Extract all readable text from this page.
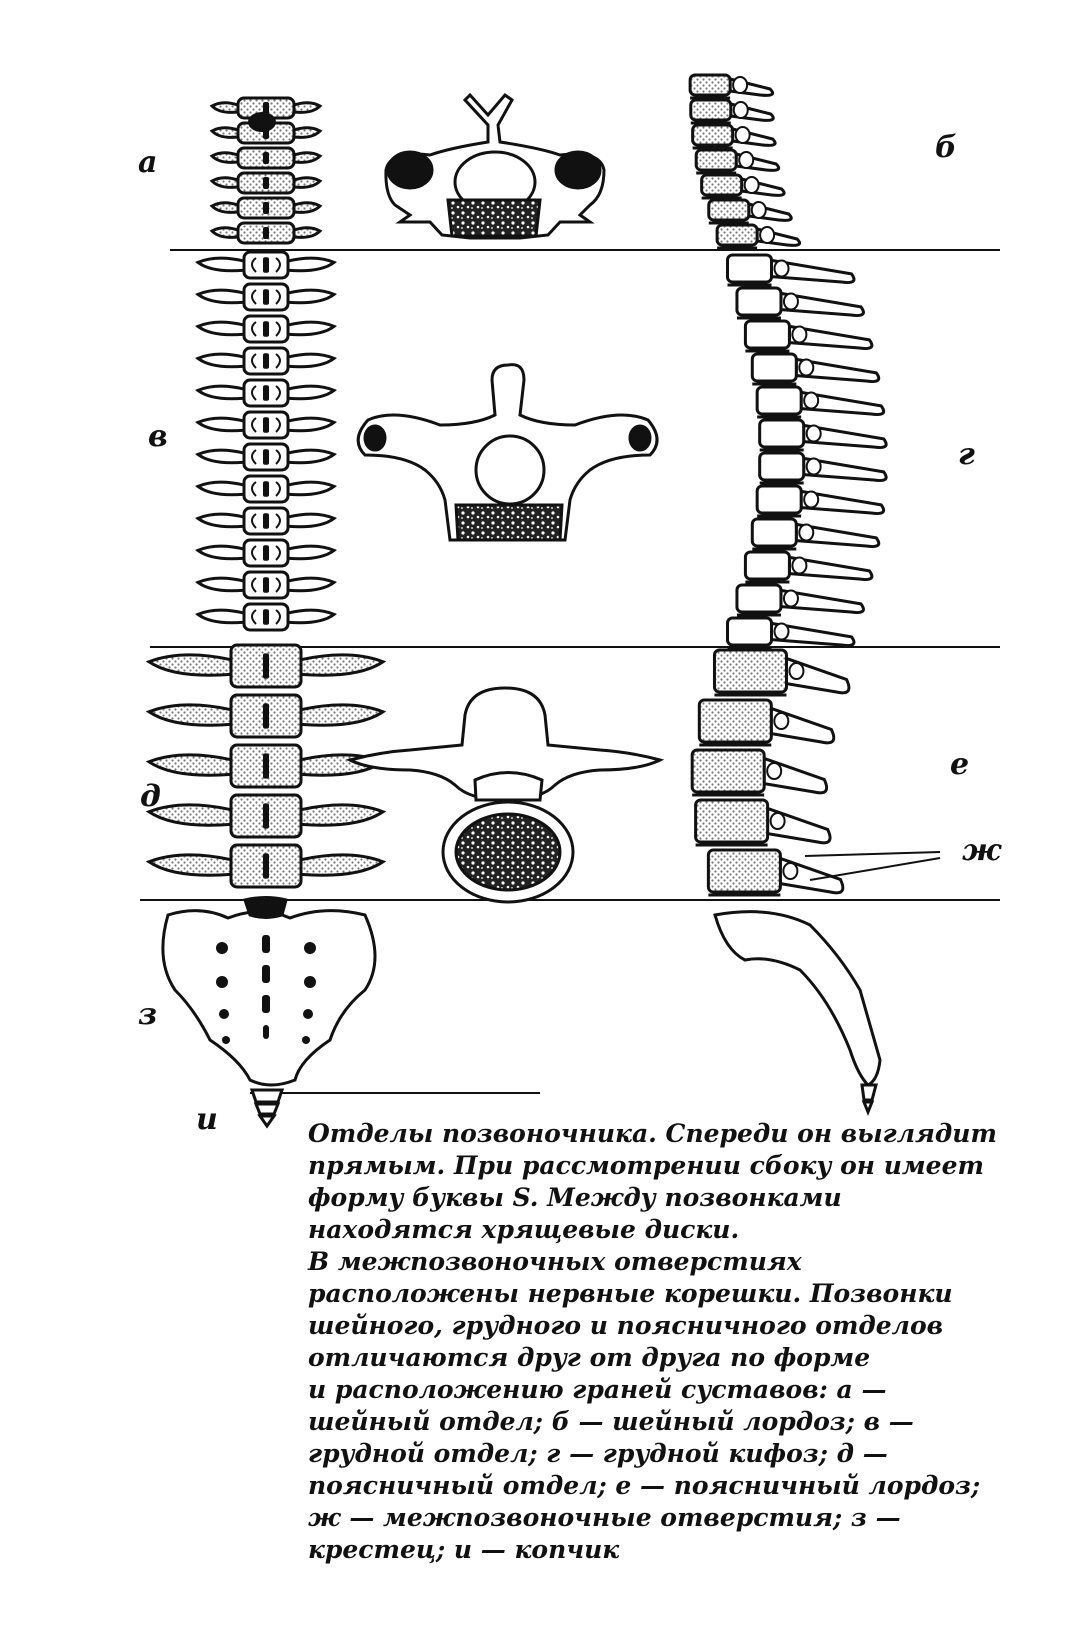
а	б
в
г
д
е
ж
з
и	Отделы позвоночника. Спереди он выглядит
прямым. При рассмотрении сбоку он имеет
форму буквы S. Между позвонками
находятся хрящевые диски.
В межпозвоночных отверстиях
расположены нервные корешки. Позвонки
шейного, грудного и поясничного отделов
отличаются друг от друга по форме
и расположению граней суставов: а —
шейный отдел; б — шейный лордоз; в —
грудной отдел; г — грудной кифоз; д —
поясничный отдел; е — поясничный лордоз;
ж — межпозвоночные отверстия; з —
крестец; и — копчик
